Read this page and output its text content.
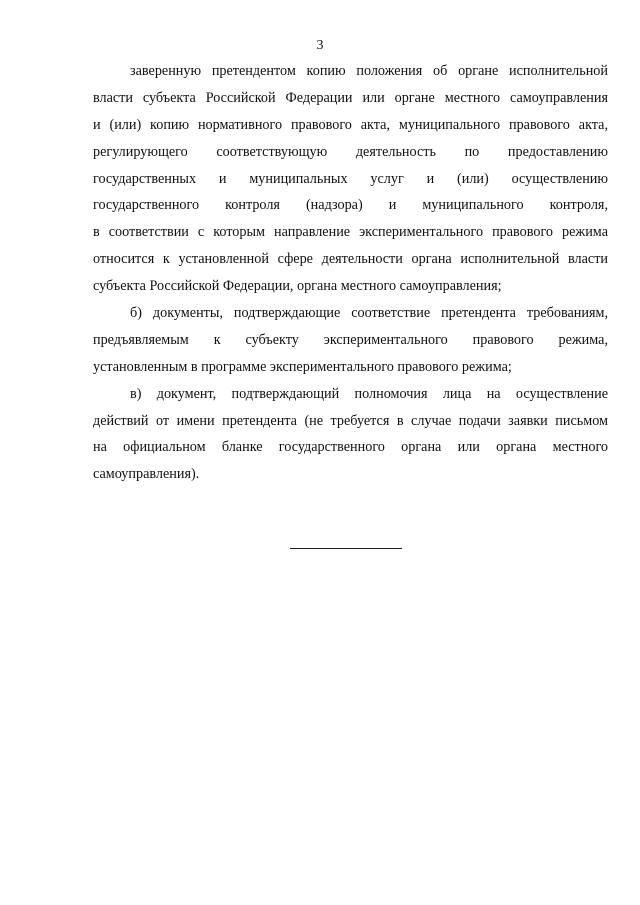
3
заверенную претендентом копию положения об органе исполнительной
власти субъекта Российской Федерации или органе местного самоуправления
и (или) копию нормативного правового акта, муниципального правового акта,
регулирующего соответствующую деятельность по предоставлению
государственных и муниципальных услуг и (или) осуществлению
государственного контроля (надзора) и муниципального контроля,
в соответствии с которым направление экспериментального правового режима
относится к установленной сфере деятельности органа исполнительной власти
субъекта Российской Федерации, органа местного самоуправления;
б) документы, подтверждающие соответствие претендента требованиям,
предъявляемым к субъекту экспериментального правового режима,
установленным в программе экспериментального правового режима;
в) документ, подтверждающий полномочия лица на осуществление
действий от имени претендента (не требуется в случае подачи заявки письмом
на официальном бланке государственного органа или органа местного
самоуправления).
